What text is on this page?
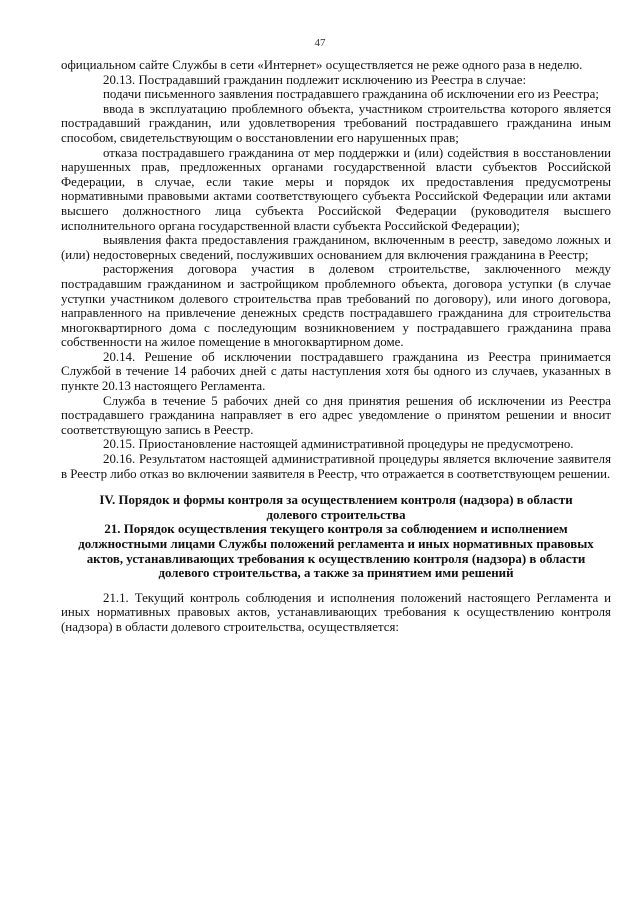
47

официальном сайте Службы в сети «Интернет» осуществляется не реже одного раза в неделю.

20.13. Пострадавший гражданин подлежит исключению из Реестра в случае:

подачи письменного заявления пострадавшего гражданина об исключении его из Реестра;

ввода в эксплуатацию проблемного объекта, участником строительства которого является пострадавший гражданин, или удовлетворения требований пострадавшего гражданина иным способом, свидетельствующим о восстановлении его нарушенных прав;

отказа пострадавшего гражданина от мер поддержки и (или) содействия в восстановлении нарушенных прав, предложенных органами государственной власти субъектов Российской Федерации, в случае, если такие меры и порядок их предоставления предусмотрены нормативными правовыми актами соответствующего субъекта Российской Федерации или актами высшего должностного лица субъекта Российской Федерации (руководителя высшего исполнительного органа государственной власти субъекта Российской Федерации);

выявления факта предоставления гражданином, включенным в реестр, заведомо ложных и (или) недостоверных сведений, послуживших основанием для включения гражданина в Реестр;

расторжения договора участия в долевом строительстве, заключенного между пострадавшим гражданином и застройщиком проблемного объекта, договора уступки (в случае уступки участником долевого строительства прав требований по договору), или иного договора, направленного на привлечение денежных средств пострадавшего гражданина для строительства многоквартирного дома с последующим возникновением у пострадавшего гражданина права собственности на жилое помещение в многоквартирном доме.

20.14. Решение об исключении пострадавшего гражданина из Реестра принимается Службой в течение 14 рабочих дней с даты наступления хотя бы одного из случаев, указанных в пункте 20.13 настоящего Регламента.

Служба в течение 5 рабочих дней со дня принятия решения об исключении из Реестра пострадавшего гражданина направляет в его адрес уведомление о принятом решении и вносит соответствующую запись в Реестр.

20.15. Приостановление настоящей административной процедуры не предусмотрено.

20.16. Результатом настоящей административной процедуры является включение заявителя в Реестр либо отказ во включении заявителя в Реестр, что отражается в соответствующем решении.

IV. Порядок и формы контроля за осуществлением контроля (надзора) в области долевого строительства
21. Порядок осуществления текущего контроля за соблюдением и исполнением должностными лицами Службы положений регламента и иных нормативных правовых актов, устанавливающих требования к осуществлению контроля (надзора) в области долевого строительства, а также за принятием ими решений

21.1. Текущий контроль соблюдения и исполнения положений настоящего Регламента и иных нормативных правовых актов, устанавливающих требования к осуществлению контроля (надзора) в области долевого строительства, осуществляется:
